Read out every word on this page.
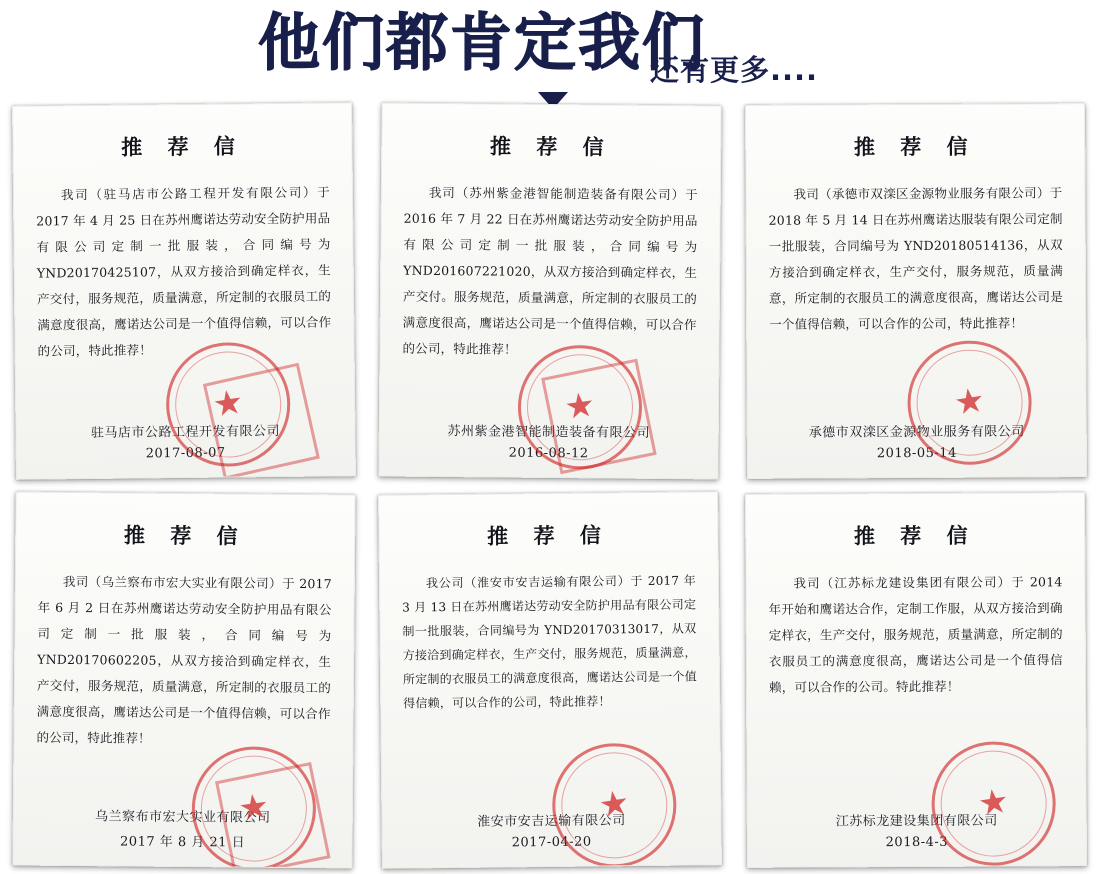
他们都肯定我们
还有更多....
推 荐 信
我司（驻马店市公路工程开发有限公司）于 2017 年 4 月 25 日在苏州鹰诺达劳动安全防护用品有限公司定制一批服装，合同编号为 YND20170425107，从双方接洽到确定样衣，生产交付，服务规范，质量满意，所定制的衣服员工的满意度很高，鹰诺达公司是一个值得信赖，可以合作的公司，特此推荐！
驻马店市公路工程开发有限公司
2017-08-07
推 荐 信
我司（苏州紫金港智能制造装备有限公司）于 2016 年 7 月 22 日在苏州鹰诺达劳动安全防护用品有限公司定制一批服装，合同编号为 YND201607221020，从双方接洽到确定样衣，生产交付。服务规范，质量满意，所定制的衣服员工的满意度很高，鹰诺达公司是一个值得信赖，可以合作的公司，特此推荐！
苏州紫金港智能制造装备有限公司
2016-08-12
推 荐 信
我司（承德市双滦区金源物业服务有限公司）于 2018 年 5 月 14 日在苏州鹰诺达服装有限公司定制一批服装，合同编号为 YND20180514136，从双方接洽到确定样衣，生产交付，服务规范，质量满意，所定制的衣服员工的满意度很高，鹰诺达公司是一个值得信赖，可以合作的公司，特此推荐！
承德市双滦区金源物业服务有限公司
2018-05-14
推 荐 信
我司（乌兰察布市宏大实业有限公司）于 2017 年 6 月 2 日在苏州鹰诺达劳动安全防护用品有限公司定制一批服装，合同编号为 YND20170602205，从双方接洽到确定样衣，生产交付，服务规范，质量满意，所定制的衣服员工的满意度很高，鹰诺达公司是一个值得信赖，可以合作的公司，特此推荐！
乌兰察布市宏大实业有限公司
2017 年 8 月 21 日
推 荐 信
我公司（淮安市安吉运输有限公司）于 2017 年 3 月 13 日在苏州鹰诺达劳动安全防护用品有限公司定制一批服装，合同编号为 YND20170313017，从双方接洽到确定样衣，生产交付，服务规范，质量满意，所定制的衣服员工的满意度很高，鹰诺达公司是一个值得信赖，可以合作的公司，特此推荐！
淮安市安吉运输有限公司
2017-04-20
推 荐 信
我司（江苏标龙建设集团有限公司）于 2014 年开始和鹰诺达合作，定制工作服，从双方接洽到确定样衣，生产交付，服务规范，质量满意，所定制的衣服员工的满意度很高，鹰诺达公司是一个值得信赖，可以合作的公司。特此推荐！
江苏标龙建设集团有限公司
2018-4-3
